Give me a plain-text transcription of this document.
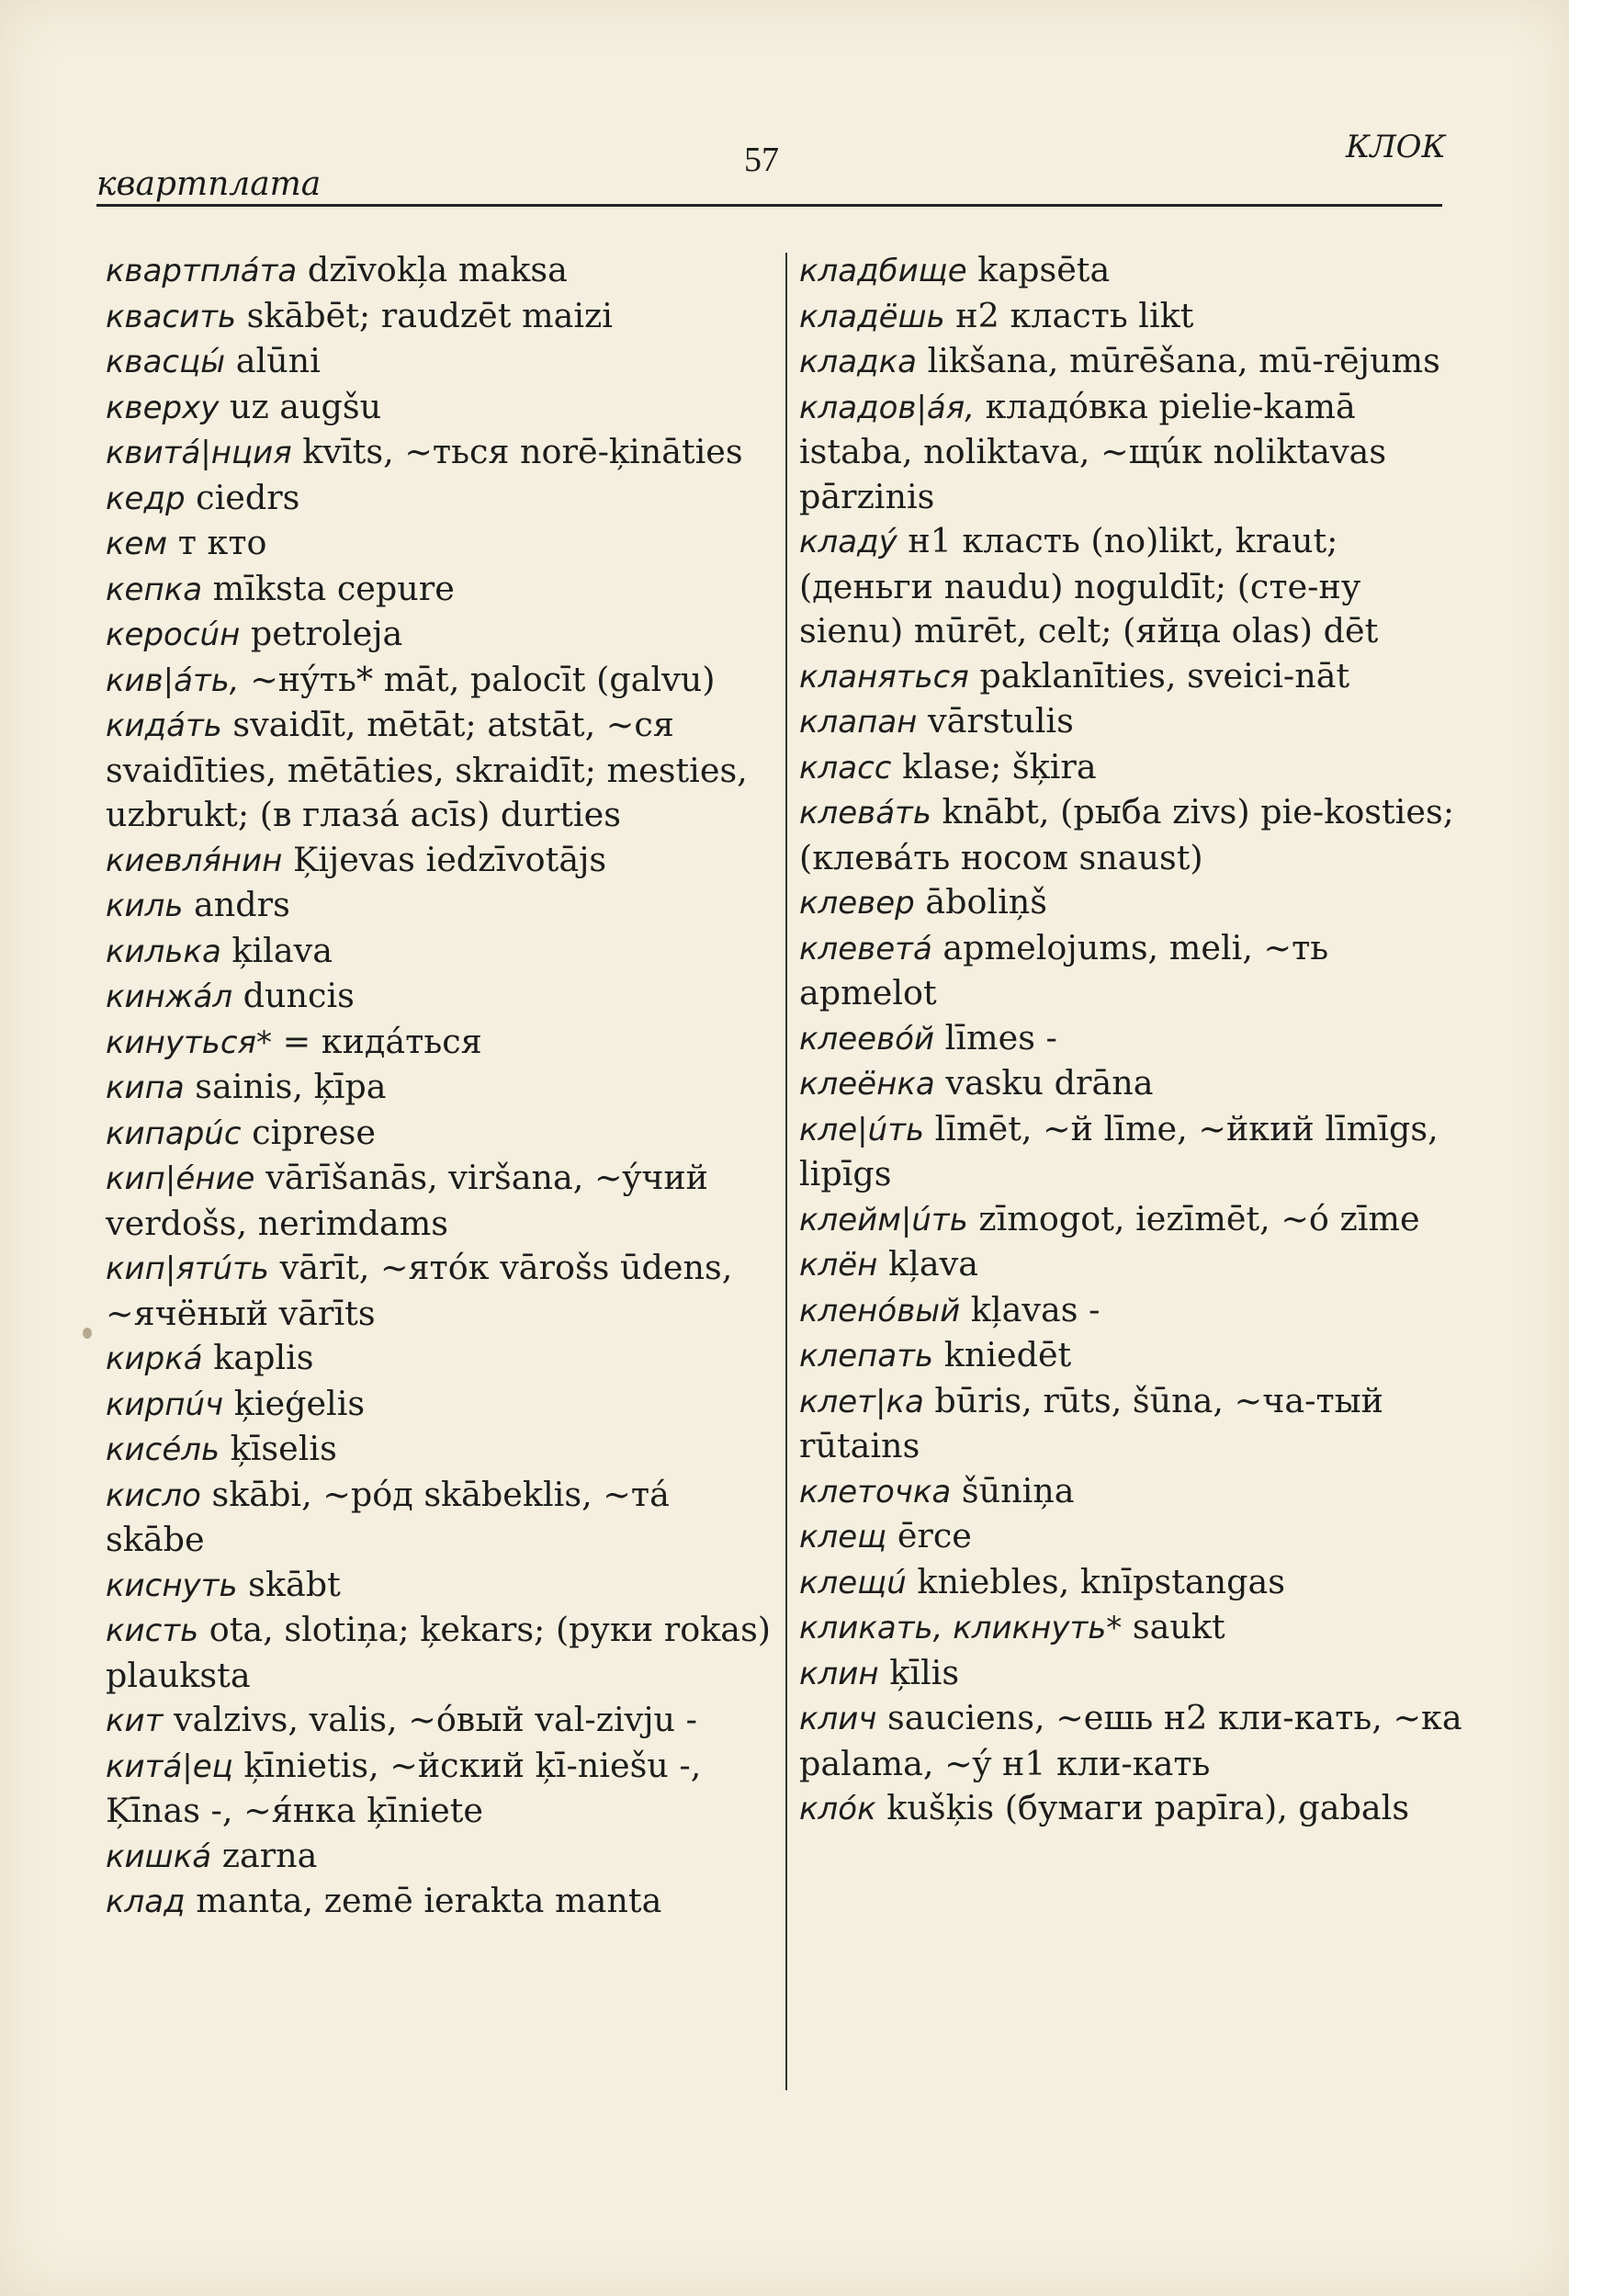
квартплата
57	КЛОК
квартплáта dzīvokļa maksa
квасить skābēt; raudzēt maizi
квасцы́ alūni
кверху uz augšu
квитá|нция kvīts, ~ться norē-ķināties
кедр ciedrs
кем т кто
кепка mīksta cepure
керосúн petroleja
кив|áть, ~нýть* māt, palocīt (galvu)
кидáть svaidīt, mētāt; atstāt, ~ся svaidīties, mētāties, skraidīt; mesties, uzbrukt; (в глазá acīs) durties
киевля́нин Ķijevas iedzīvotājs
киль andrs
килька ķilava
кинжáл duncis
кинуться* = кидáться
кипа sainis, ķīpa
кипарúс ciprese
кип|éние vārīšanās, viršana, ~ýчий verdošs, nerimdams
кип|ятúть vārīt, ~ятóк vārošs ūdens, ~ячёный vārīts
киркá kaplis
кирпúч ķieģelis
кисéль ķīselis
кисло skābi, ~рóд skābeklis, ~тá skābe
киснуть skābt
кисть ota, slotiņa; ķekars; (руки rokas) plauksta
кит valzivs, valis, ~óвый val-zivju -
китá|ец ķīnietis, ~йский ķī-niešu -, Ķīnas -, ~я́нка ķīniete
кишкá zarna
клад manta, zemē ierakta manta
кладбище kapsēta
кладёшь н2 класть likt
кладка likšana, mūrēšana, mū-rējums
кладов|áя, кладóвка pielie-kamā istaba, noliktava, ~щúк noliktavas pārzinis
кладý н1 класть (no)likt, kraut; (деньги naudu) noguldīt; (сте-ну sienu) mūrēt, celt; (яйца olas) dēt
кланяться paklanīties, sveici-nāt
клапан vārstulis
класс klase; šķira
клевáть knābt, (рыба zivs) pie-kosties; (клевáть носом snaust)
клевер āboliņš
клеветá apmelojums, meli, ~ть apmelot
клеевóй līmes -
клеёнка vasku drāna
кле|úть līmēt, ~й līme, ~йкий līmīgs, lipīgs
клейм|úть zīmogot, iezīmēt, ~ó zīme
клён kļava
кленóвый kļavas -
клепать kniedēt
клет|ка būris, rūts, šūna, ~ча-тый rūtains
клеточка šūniņa
клещ ērce
клещú knieblеs, knīpstangas
кликать, кликнуть* saukt
клин ķīlis
клич sauciens, ~ешь н2 кли-кать, ~ка palama, ~ý н1 кли-кать
клóк kušķis (бумаги papīra), gabals
